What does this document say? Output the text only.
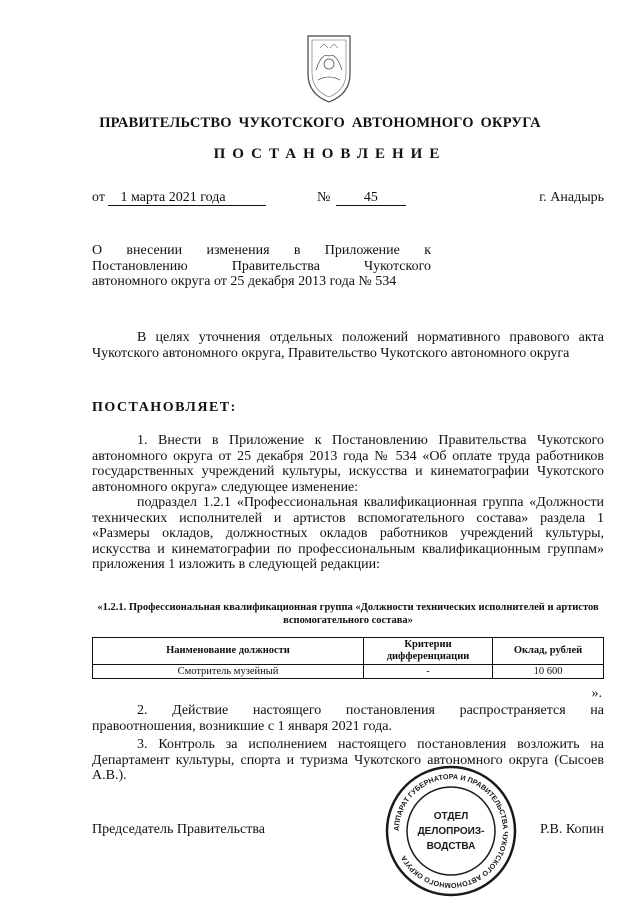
ПРАВИТЕЛЬСТВО ЧУКОТСКОГО АВТОНОМНОГО ОКРУГА
ПОСТАНОВЛЕНИЕ
от 1 марта 2021 года	№ 45	г. Анадырь
О внесении изменения в Приложение к
Постановлению Правительства Чукотского
автономного округа от 25 декабря 2013 года № 534

В целях уточнения отдельных положений нормативного правового акта Чукотского автономного округа, Правительство Чукотского автономного округа

ПОСТАНОВЛЯЕТ:

1. Внести в Приложение к Постановлению Правительства Чукотского автономного округа от 25 декабря 2013 года № 534 «Об оплате труда работников государственных учреждений культуры, искусства и кинематографии Чукотского автономного округа» следующее изменение:

подраздел 1.2.1 «Профессиональная квалификационная группа «Должности технических исполнителей и артистов вспомогательного состава» раздела 1 «Размеры окладов, должностных окладов работников учреждений культуры, искусства и кинематографии по профессиональным квалификационным группам» приложения 1 изложить в следующей редакции:

«1.2.1. Профессиональная квалификационная группа «Должности технических исполнителей и артистов вспомогательного состава»
Наименование должности	Критерии дифференциации	Оклад, рублей
Смотритель музейный	-	10 600
».

2. Действие настоящего постановления распространяется на правоотношения, возникшие с 1 января 2021 года.

3. Контроль за исполнением настоящего постановления возложить на Департамент культуры, спорта и туризма Чукотского автономного округа (Сысоев А.В.).

Председатель Правительства	Р.В. Копин
АППАРАТ ГУБЕРНАТОРА И ПРАВИТЕЛЬСТВА ЧУКОТСКОГО АВТОНОМНОГО ОКРУГА
ОТДЕЛ
ДЕЛОПРОИЗ-
ВОДСТВА
